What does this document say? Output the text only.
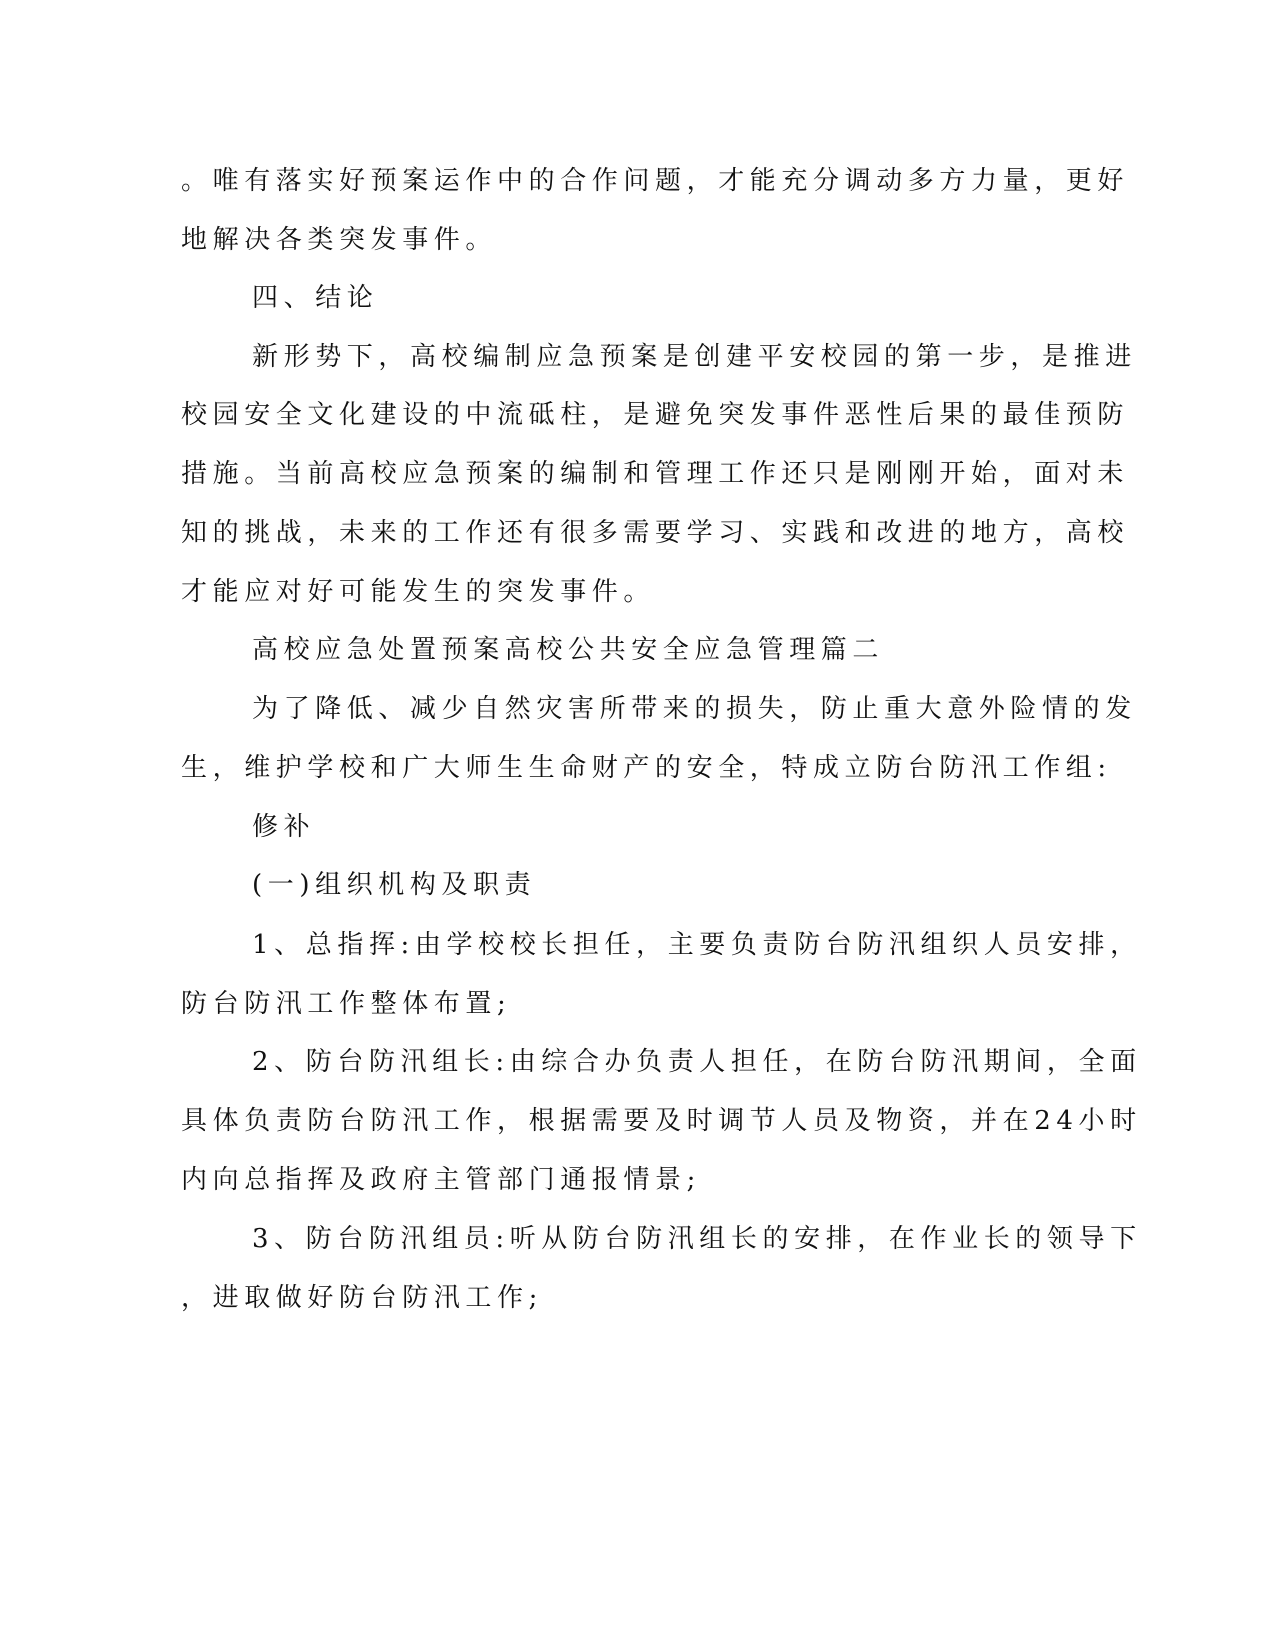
。唯有落实好预案运作中的合作问题，才能充分调动多方力量，更好
地解决各类突发事件。
四、结论
新形势下，高校编制应急预案是创建平安校园的第一步，是推进
校园安全文化建设的中流砥柱，是避免突发事件恶性后果的最佳预防
措施。当前高校应急预案的编制和管理工作还只是刚刚开始，面对未
知的挑战，未来的工作还有很多需要学习、实践和改进的地方，高校
才能应对好可能发生的突发事件。
高校应急处置预案高校公共安全应急管理篇二
为了降低、减少自然灾害所带来的损失，防止重大意外险情的发
生，维护学校和广大师生生命财产的安全，特成立防台防汛工作组:
修补
(一)组织机构及职责
1、总指挥:由学校校长担任，主要负责防台防汛组织人员安排，
防台防汛工作整体布置;
2、防台防汛组长:由综合办负责人担任，在防台防汛期间，全面
具体负责防台防汛工作，根据需要及时调节人员及物资，并在24小时
内向总指挥及政府主管部门通报情景;
3、防台防汛组员:听从防台防汛组长的安排，在作业长的领导下
，进取做好防台防汛工作;
